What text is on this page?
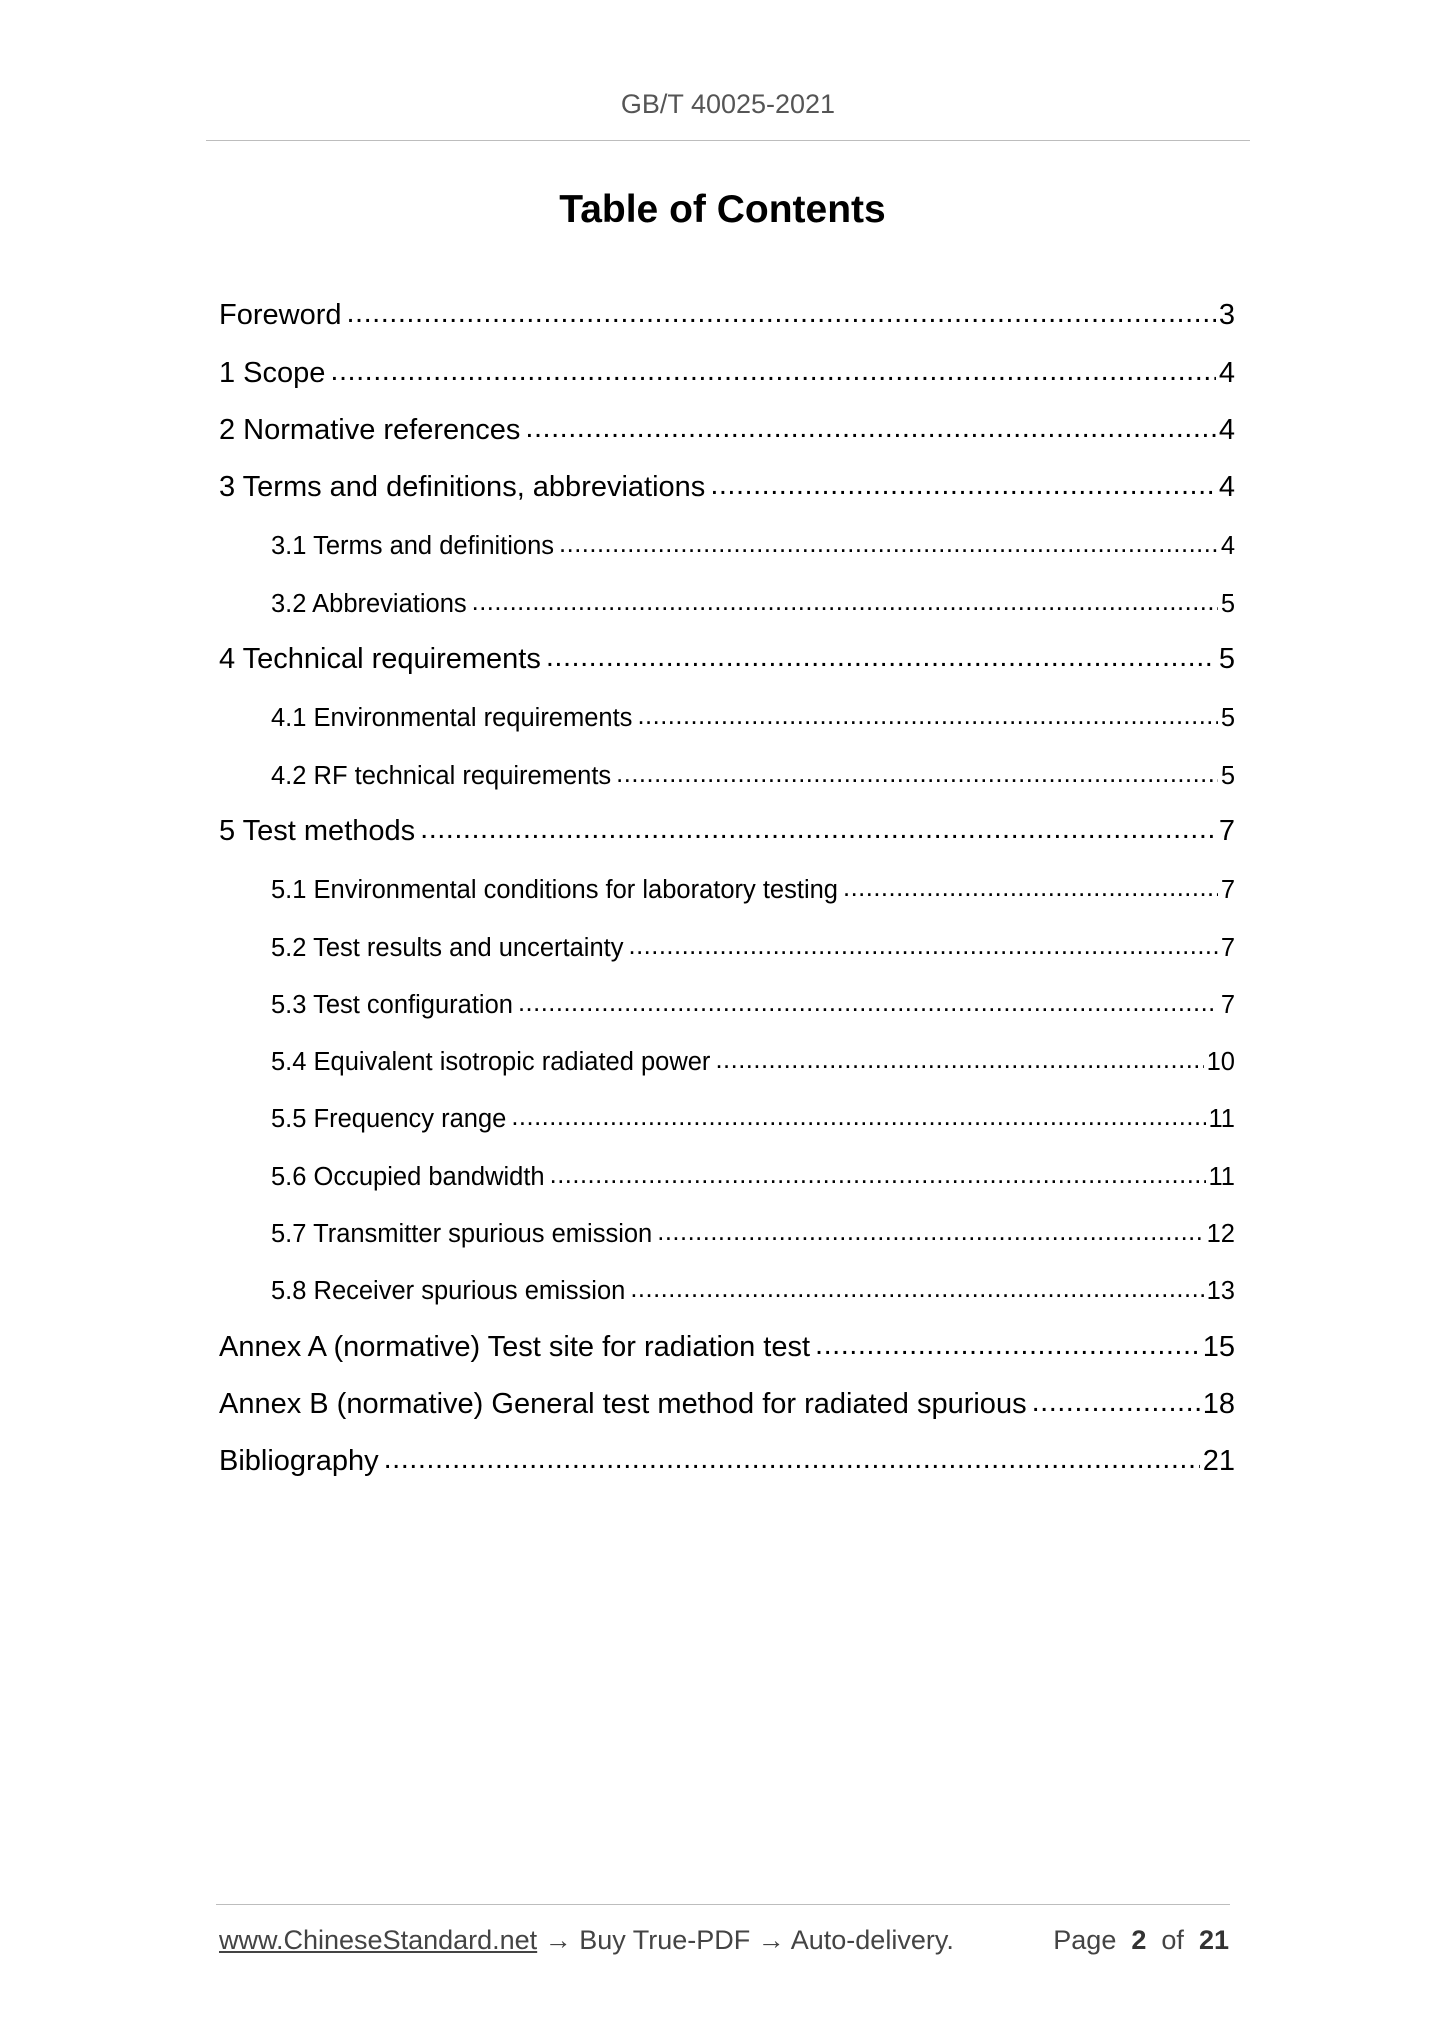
GB/T 40025-2021
Table of Contents
Foreword .....	3
1 Scope .....	4
2 Normative references .....	4
3 Terms and definitions, abbreviations .....	4
3.1 Terms and definitions .....	4
3.2 Abbreviations .....	5
4 Technical requirements .....	5
4.1 Environmental requirements .....	5
4.2 RF technical requirements .....	5
5 Test methods .....	7
5.1 Environmental conditions for laboratory testing .....	7
5.2 Test results and uncertainty .....	7
5.3 Test configuration .....	7
5.4 Equivalent isotropic radiated power .....	10
5.5 Frequency range .....	11
5.6 Occupied bandwidth .....	11
5.7 Transmitter spurious emission .....	12
5.8 Receiver spurious emission .....	13
Annex A (normative) Test site for radiation test .....	15
Annex B (normative) General test method for radiated spurious .....	18
Bibliography .....	21
www.ChineseStandard.net → Buy True-PDF → Auto-delivery.	Page 2 of 21
